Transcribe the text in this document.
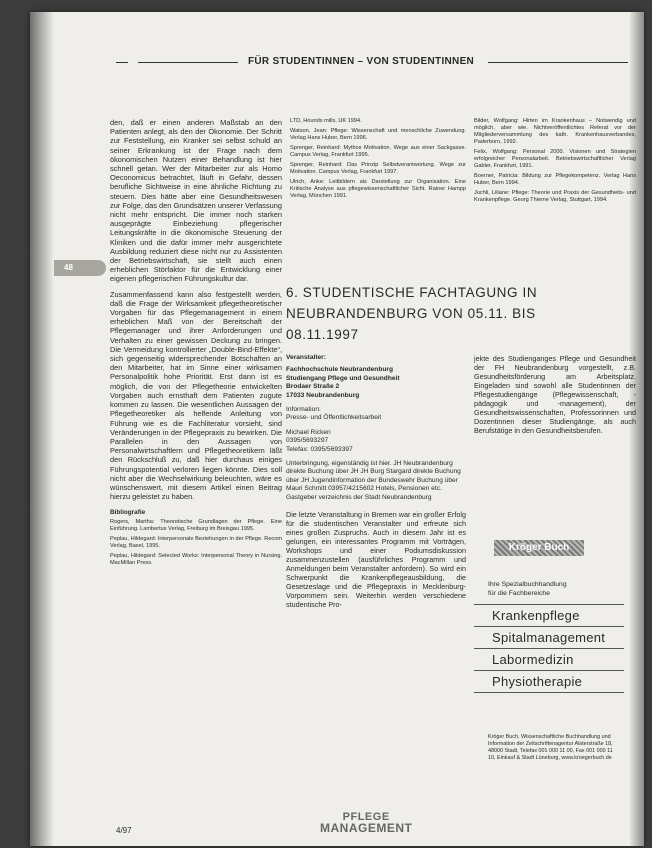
FÜR STUDENTINNEN – VON STUDENTINNEN
48

den, daß er einen anderen Maßstab an den Patienten anlegt, als den der Ökonomie. Der Schritt zur Feststellung, ein Kranker sei selbst schuld an seiner Erkrankung ist der Frage nach dem ökonomischen Nutzen einer Behandlung ist hier schnell getan. Wer der Mitarbeiter zur als Homo Oeconomicus betrachtet, läuft in Gefahr, dessen berufliche Sichtweise in eine ähnliche Richtung zu steuern. Dies hätte aber eine Gesundheitswesen zur Folge, das den Grundsätzen unserer Verfassung nicht mehr entspricht. Die immer noch starken ausgeprägte Einbeziehung pflegerischer Leitungskräfte in die ökonomische Steuerung der Kliniken und die dafür immer mehr ausgerichtete Ausbildung reduziert diese nicht nur zu Assistenten der Betriebswirtschaft, sie stellt auch einen erheblichen Störfaktor für die Entwicklung einer eigenen pflegerischen Führungskultur dar.

Zusammenfassend kann also festgestellt werden, daß die Frage der Wirksamkeit pflegetheoretischer Vorgaben für das Pflegemanagement in einem erheblichen Maß von der Bereitschaft der Pflegemanager und ihrer Anforderungen und Verhalten zu einer gewissen Deckung zu bringen. Die Vermeidung kontrollierter „Double-Bind-Effekte“, sich gegenseitig widersprechender Botschaften an den Mitarbeiter, hat im Sinne einer wirksamen Personalpolitik hohe Priorität. Erst dann ist es möglich, die von der Pflegetheorie entwickelten Vorgaben auch ernsthaft dem Patienten zugute kommen zu lassen. Die wesentlichen Aussagen der Pflegetheoretiker als helfende Anleitung von Führung wie es die Fachliteratur vorsieht, sind Veränderungen in der Pflegepraxis zu bewirken. Die Parallelen in den Aussagen von Personalwirtschaftlern und Pflegetheoretikern läßt den Rückschluß zu, daß hier durchaus einiges Führungspotential verloren liegen könnte. Dies soll nicht aber die Wechselwirkung beleuchten, wäre es wünschenswert, mit diesem Artikel einen Beitrag hierzu geleistet zu haben.

Bibliografie
Rogers, Martha: Theoretische Grundlagen der Pflege. Eine Einführung. Lambertus Verlag, Freiburg im Breisgau 1995.
Peplau, Hildegard: Interpersonale Beziehungen in der Pflege. Recom Verlag, Basel, 1995.
Peplau, Hildegard: Selected Works: Interpersonal Theory in Nursing. MacMillan Press.
LTD, Hounds mills, UK 1994.
Watson, Jean: Pflege: Wissenschaft und menschliche Zuwendung. Verlag Hans Huber, Bern 1996.
Sprenger, Reinhard: Mythos Motivation. Wege aus einer Sackgasse. Campus Verlag, Frankfurt 1995.
Sprenger, Reinhard: Das Prinzip Selbstverantwortung. Wege zur Motivation. Campus Verlag, Frankfurt 1997.
Ulrich, Anke: Leitbildern als Darstellung zur Organisation. Eine Kritische Analyse aus pflegewissenschaftlicher Sicht. Rainer Hampp Verlag, München 1991.
Bilder, Wolfgang: Hirten im Krankenhaus – Notwendig und möglich, aber wie. Nichtveröffentlichtes Referat vor der Mitgliederversammlung des kath. Krankenhausverbandes, Paderborn, 1992.
Felix, Wolfgang: Personal 2000. Visionen und Strategien erfolgreicher Personalarbeit. Betriebswirtschaftlicher Verlag Gabler, Frankfurt, 1991.
Boerner, Patricia: Bildung zur Pflegekompetenz. Verlag Hans Huber, Bern 1994.
Juchli, Liliane: Pflege: Theorie und Praxis der Gesundheits- und Krankenpflege. Georg Thieme Verlag, Stuttgart, 1994.
6. STUDENTISCHE FACHTAGUNG IN NEUBRANDENBURG VON 05.11. BIS 08.11.1997
Veranstalter:
Fachhochschule Neubrandenburg
Studiengang Pflege und Gesundheit
Brodaer Straße 2
17033 Neubrandenburg
Information:
Presse- und Öffentlichkeitsarbeit
Michael Ricken
0395/5693297
Telefax: 0395/5693397
Unterbringung, eigenständig ist hier. JH Neubrandenburg direkte Buchung über JH JH Burg Stargard direkte Buchung über JH Jugendinformation der Bundeswehr Buchung über Mauri Schmitt 03957/4215602 Hotels, Pensionen etc. Gastgeber verzeichnis der Stadt Neubrandenburg
Die letzte Veranstaltung in Bremen war ein großer Erfolg für die studentischen Veranstalter und erfreute sich eines großen Zuspruchs. Auch in diesem Jahr ist es gelungen, ein interessantes Programm mit Vorträgen, Workshops und einer Podiumsdiskussion zusammenzustellen (ausführliches Programm und Anmeldungen beim Veranstalter anfordern). So wird ein Schwerpunkt die Krankenpflegeausbildung, die Gesetzeslage und die Pflegepraxis in Mecklenburg-Vorpommern sein. Weiterhin werden verschiedene studentische Pro-
jekte des Studienganges Pflege und Gesundheit der FH Neubrandenburg vorgestellt, z.B. Gesundheitsförderung am Arbeitsplatz. Eingeladen sind sowohl alle Studentinnen der Pflegestudiengänge (Pflegewissenschaft, -pädagogik und -management), der Gesundheitswissenschaften, Professorinnen und Dozentinnen dieser Studiengänge, als auch Berufstätige in den Gesundheitsberufen.
Kröger Buch
Ihre Spezialbuchhandlung
für die Fachbereiche
Krankenpflege
Spitalmanagement
Labormedizin
Physiotherapie
Kröger Buch, Wissenschaftliche Buchhandlung und Information der Zeitschriftenagentur Alsterstraße 18, 48000 Stadt, Telefax 001 000 11 00, Fax 001 000 11 10, Einkauf & Stadt Lüneburg, www.kroegerbuch.de
4/97
PFLEGE
MANAGEMENT
